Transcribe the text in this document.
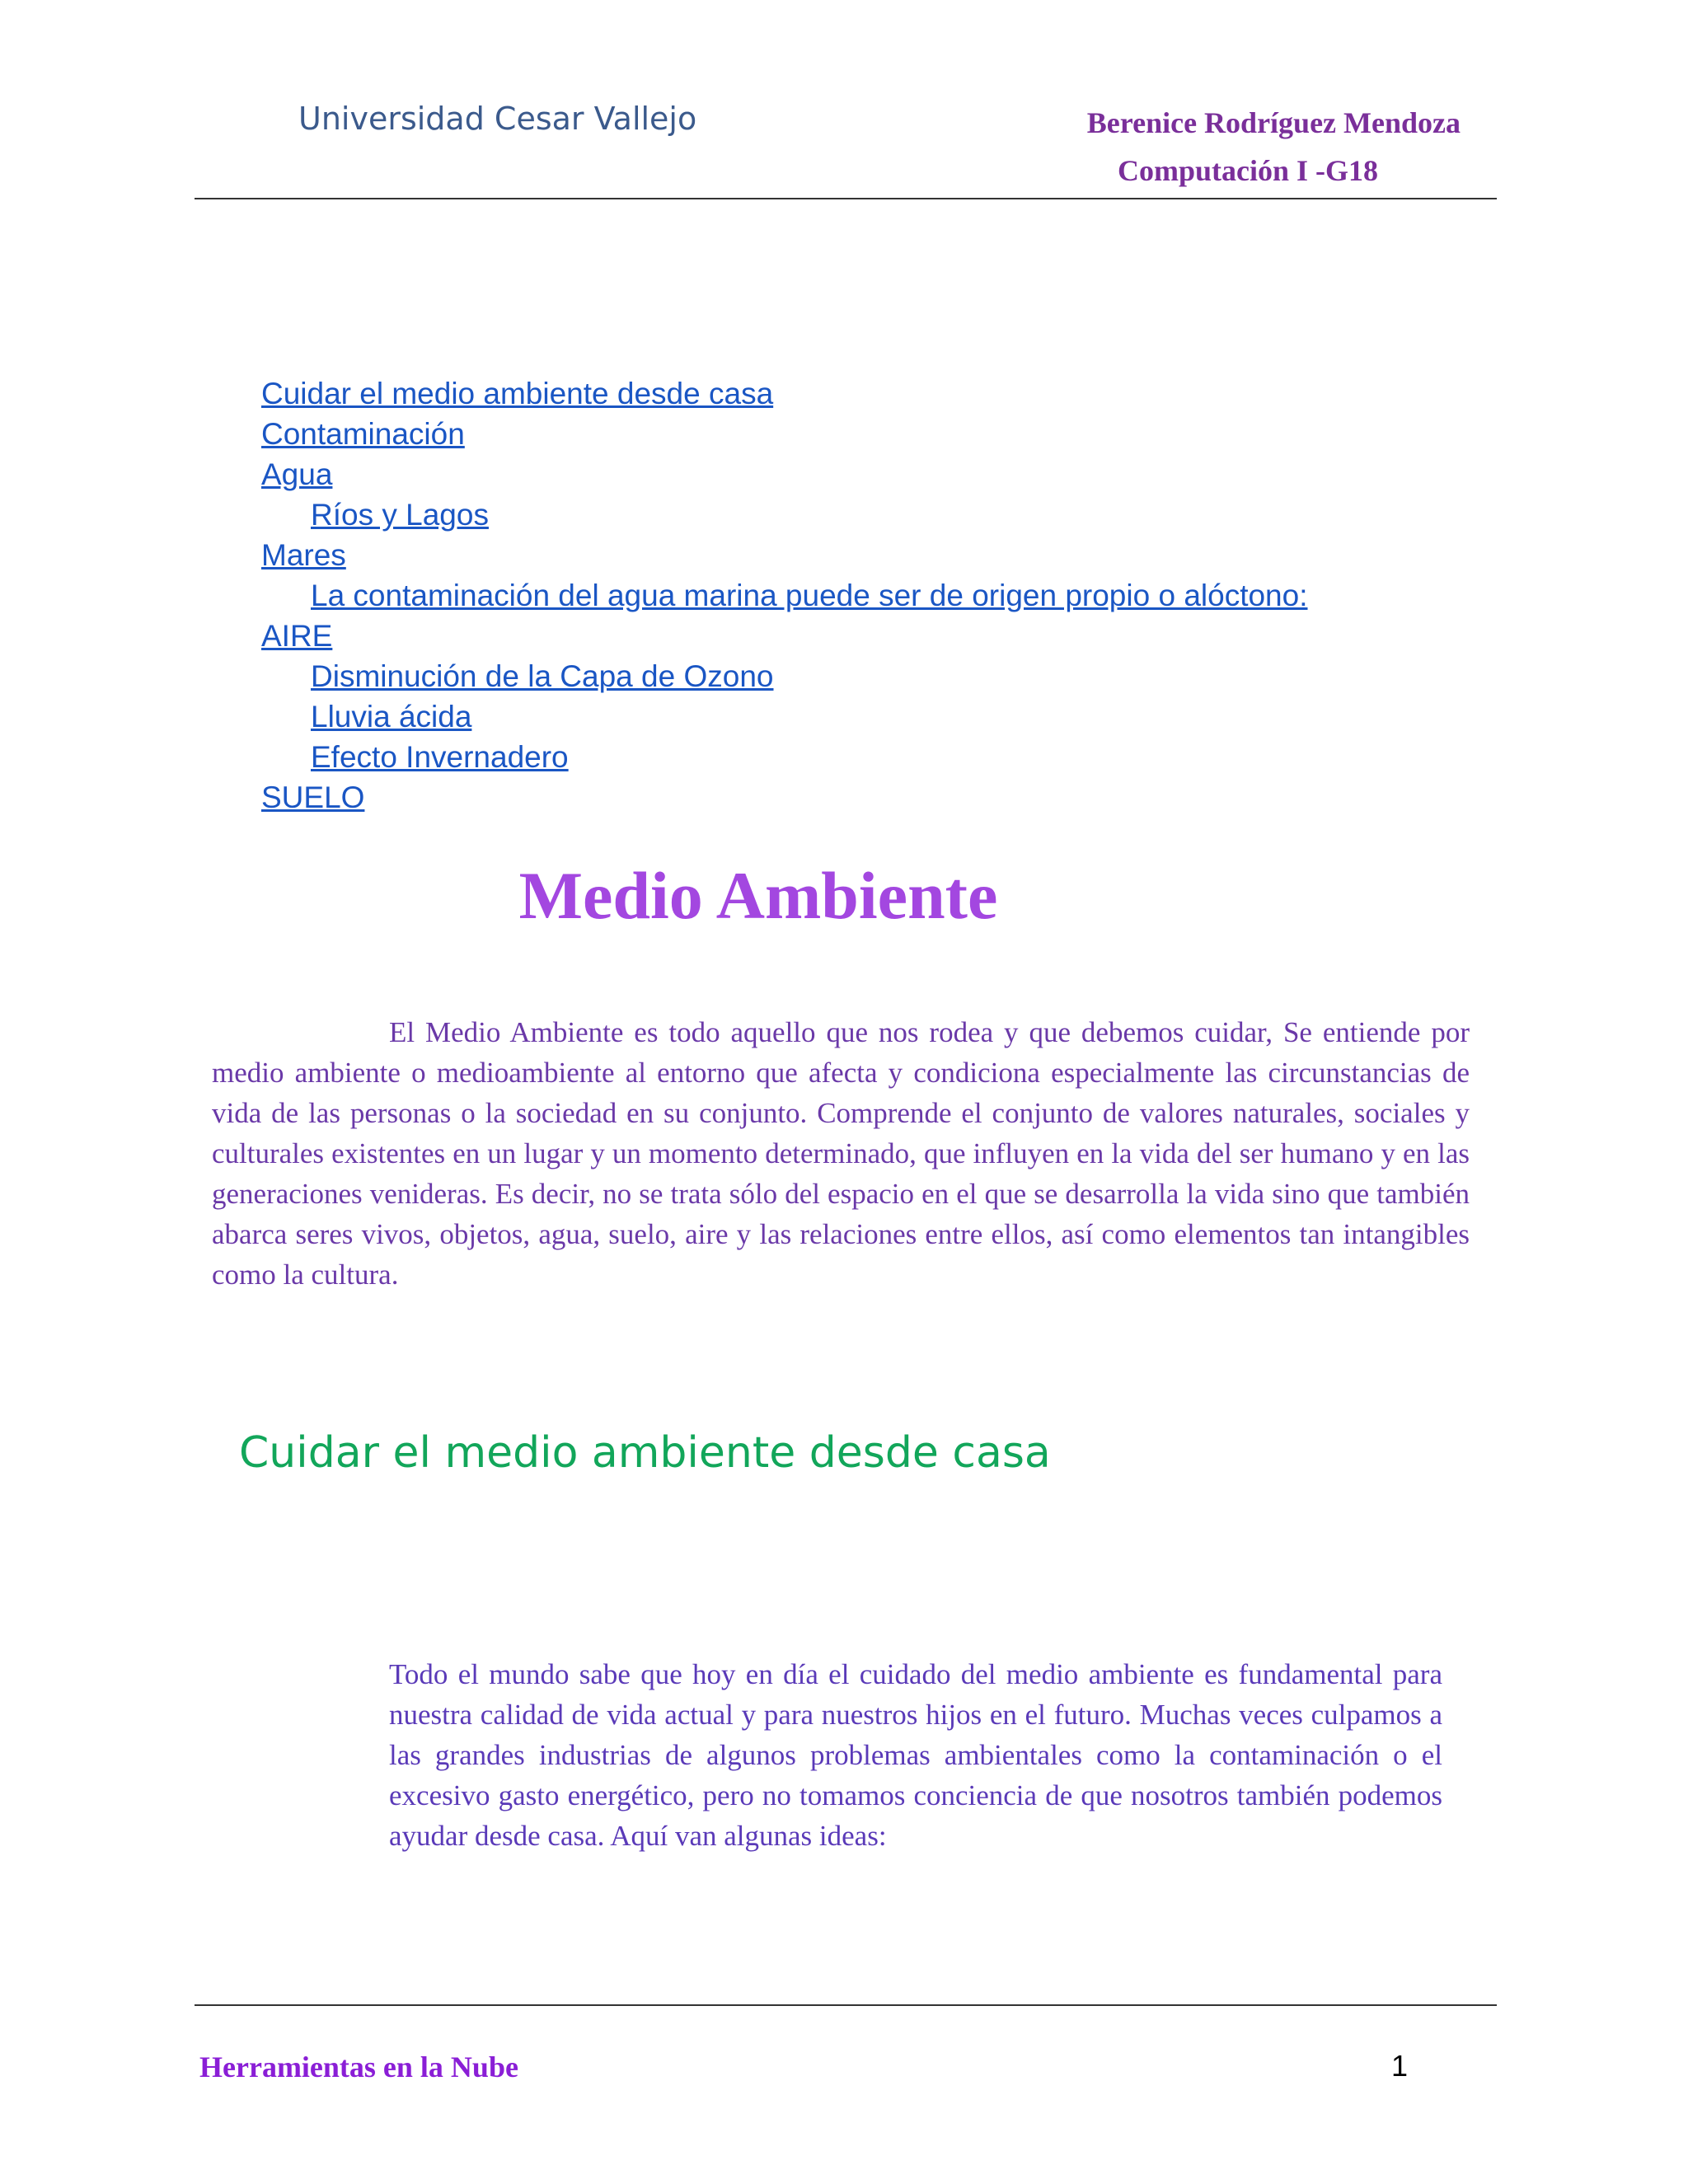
Universidad Cesar Vallejo	Berenice Rodríguez Mendoza
Computación I -G18
Cuidar el medio ambiente desde casa
Contaminación
Agua
Ríos y Lagos
Mares
La contaminación del agua marina puede ser de origen propio o alóctono:
AIRE
Disminución de la Capa de Ozono
Lluvia ácida
Efecto Invernadero
SUELO
Medio Ambiente

El Medio Ambiente es todo aquello que nos rodea y que debemos cuidar, Se entiende por medio ambiente o medioambiente al entorno que afecta y condiciona especialmente las circunstancias de vida de las personas o la sociedad en su conjunto. Comprende el conjunto de valores naturales, sociales y culturales existentes en un lugar y un momento determinado, que influyen en la vida del ser humano y en las generaciones venideras. Es decir, no se trata sólo del espacio en el que se desarrolla la vida sino que también abarca seres vivos, objetos, agua, suelo, aire y las relaciones entre ellos, así como elementos tan intangibles como la cultura.

Cuidar el medio ambiente desde casa

Todo el mundo sabe que hoy en día el cuidado del medio ambiente es fundamental para nuestra calidad de vida actual y para nuestros hijos en el futuro. Muchas veces culpamos a las grandes industrias de algunos problemas ambientales como la contaminación o el excesivo gasto energético, pero no tomamos conciencia de que nosotros también podemos ayudar desde casa. Aquí van algunas ideas:

Herramientas en la Nube	1
